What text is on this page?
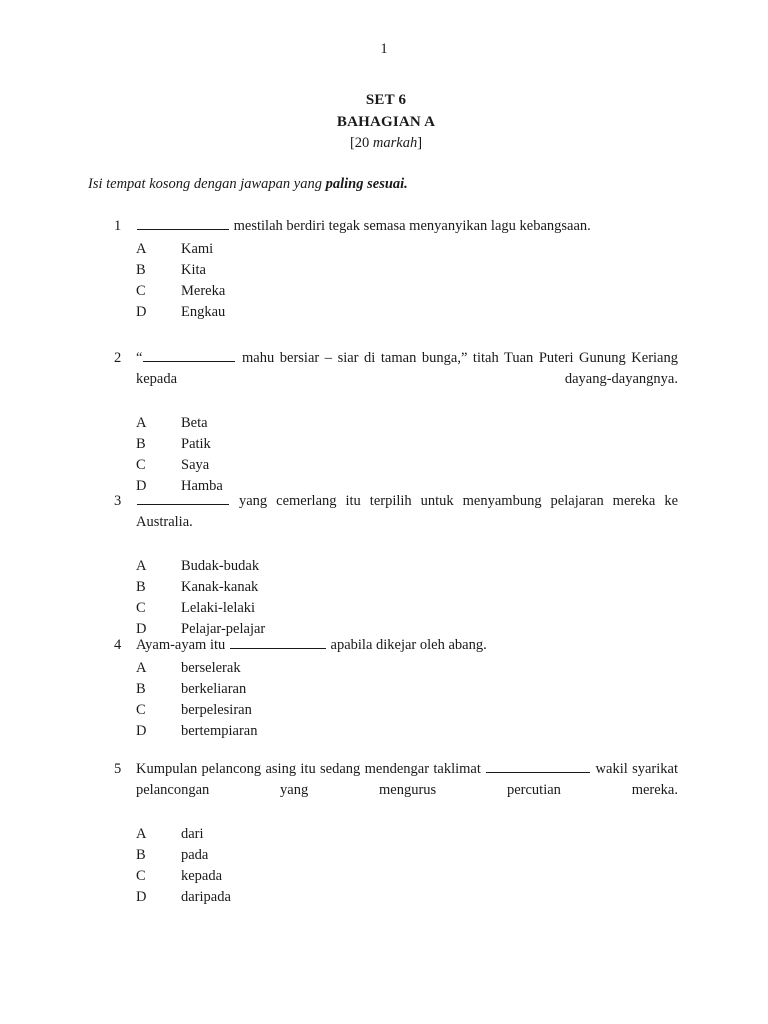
1
SET 6
BAHAGIAN A
[20 markah]
Isi tempat kosong dengan jawapan yang paling sesuai.
1	mestilah berdiri tegak semasa menyanyikan lagu kebangsaan.
A	Kami
B	Kita
C	Mereka
D	Engkau
2	“	mahu bersiar – siar di taman bunga,” titah Tuan Puteri Gunung Keriang kepada dayang-dayangnya.
A	Beta
B	Patik
C	Saya
D	Hamba
3	yang cemerlang itu terpilih untuk menyambung pelajaran mereka ke Australia.
A	Budak-budak
B	Kanak-kanak
C	Lelaki-lelaki
D	Pelajar-pelajar
4	Ayam-ayam itu	apabila dikejar oleh abang.
A	berselerak
B	berkeliaran
C	berpelesiran
D	bertempiaran
5	Kumpulan pelancong asing itu sedang mendengar taklimat	wakil syarikat pelancongan yang mengurus percutian mereka.
A	dari
B	pada
C	kepada
D	daripada
